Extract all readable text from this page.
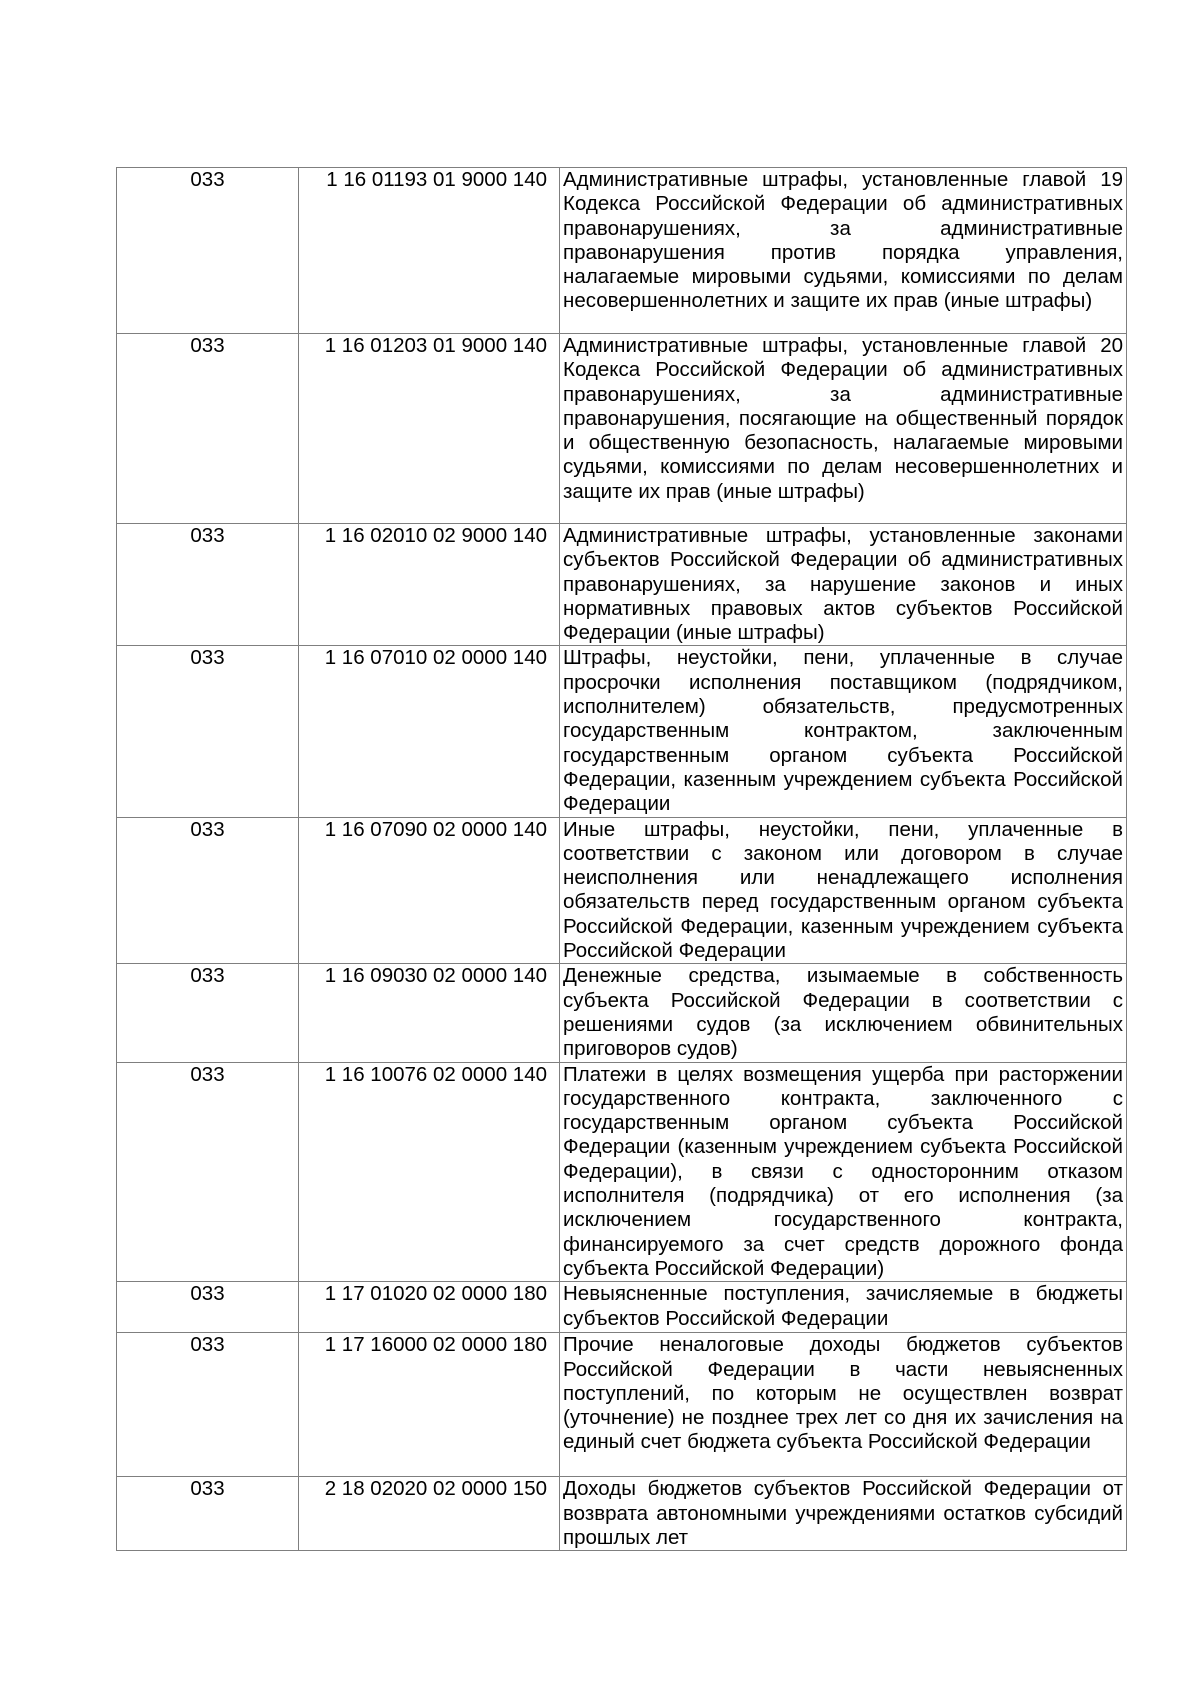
033	1 16 01193 01 9000 140	Административные штрафы, установленные главой 19 Кодекса Российской Федерации об административных правонарушениях, за административные правонарушения против порядка управления, налагаемые мировыми судьями, комиссиями по делам несовершеннолетних и защите их прав (иные штрафы)

033	1 16 01203 01 9000 140	Административные штрафы, установленные главой 20 Кодекса Российской Федерации об административных правонарушениях, за административные правонарушения, посягающие на общественный порядок и общественную безопасность, налагаемые мировыми судьями, комиссиями по делам несовершеннолетних и защите их прав (иные штрафы)

033	1 16 02010 02 9000 140	Административные штрафы, установленные законами субъектов Российской Федерации об административных правонарушениях, за нарушение законов и иных нормативных правовых актов субъектов Российской Федерации (иные штрафы)

033	1 16 07010 02 0000 140	Штрафы, неустойки, пени, уплаченные в случае просрочки исполнения поставщиком (подрядчиком, исполнителем) обязательств, предусмотренных государственным контрактом, заключенным государственным органом субъекта Российской Федерации, казенным учреждением субъекта Российской Федерации

033	1 16 07090 02 0000 140	Иные штрафы, неустойки, пени, уплаченные в соответствии с законом или договором в случае неисполнения или ненадлежащего исполнения обязательств перед государственным органом субъекта Российской Федерации, казенным учреждением субъекта Российской Федерации

033	1 16 09030 02 0000 140	Денежные средства, изымаемые в собственность субъекта Российской Федерации в соответствии с решениями судов (за исключением обвинительных приговоров судов)

033	1 16 10076 02 0000 140	Платежи в целях возмещения ущерба при расторжении государственного контракта, заключенного с государственным органом субъекта Российской Федерации (казенным учреждением субъекта Российской Федерации), в связи с односторонним отказом исполнителя (подрядчика) от его исполнения (за исключением государственного контракта, финансируемого за счет средств дорожного фонда субъекта Российской Федерации)

033	1 17 01020 02 0000 180	Невыясненные поступления, зачисляемые в бюджеты субъектов Российской Федерации

033	1 17 16000 02 0000 180	Прочие неналоговые доходы бюджетов субъектов Российской Федерации в части невыясненных поступлений, по которым не осуществлен возврат (уточнение) не позднее трех лет со дня их зачисления на единый счет бюджета субъекта Российской Федерации

033	2 18 02020 02 0000 150	Доходы бюджетов субъектов Российской Федерации от возврата автономными учреждениями остатков субсидий прошлых лет
